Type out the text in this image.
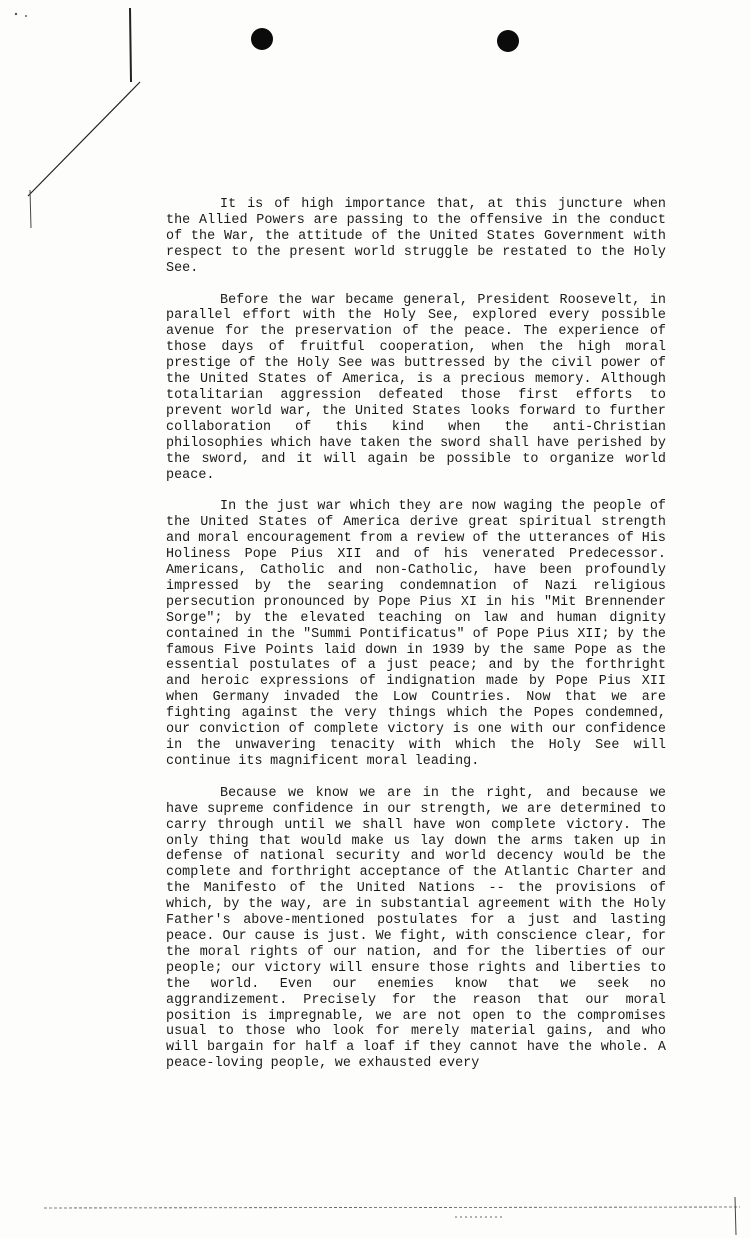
It is of high importance that, at this juncture when the Allied Powers are passing to the offensive in the conduct of the War, the attitude of the United States Government with respect to the present world struggle be restated to the Holy See.

Before the war became general, President Roosevelt, in parallel effort with the Holy See, explored every possible avenue for the preservation of the peace. The experience of those days of fruitful cooperation, when the high moral prestige of the Holy See was buttressed by the civil power of the United States of America, is a precious memory. Although totalitarian aggression defeated those first efforts to prevent world war, the United States looks forward to further collaboration of this kind when the anti-Christian philosophies which have taken the sword shall have perished by the sword, and it will again be possible to organize world peace.

In the just war which they are now waging the people of the United States of America derive great spiritual strength and moral encouragement from a review of the utterances of His Holiness Pope Pius XII and of his venerated Predecessor. Americans, Catholic and non-Catholic, have been profoundly impressed by the searing condemnation of Nazi religious persecution pronounced by Pope Pius XI in his "Mit Brennender Sorge"; by the elevated teaching on law and human dignity contained in the "Summi Pontificatus" of Pope Pius XII; by the famous Five Points laid down in 1939 by the same Pope as the essential postulates of a just peace; and by the forthright and heroic expressions of indignation made by Pope Pius XII when Germany invaded the Low Countries. Now that we are fighting against the very things which the Popes condemned, our conviction of complete victory is one with our confidence in the unwavering tenacity with which the Holy See will continue its magnificent moral leading.

Because we know we are in the right, and because we have supreme confidence in our strength, we are determined to carry through until we shall have won complete victory. The only thing that would make us lay down the arms taken up in defense of national security and world decency would be the complete and forthright acceptance of the Atlantic Charter and the Manifesto of the United Nations -- the provisions of which, by the way, are in substantial agreement with the Holy Father's above-mentioned postulates for a just and lasting peace. Our cause is just. We fight, with conscience clear, for the moral rights of our nation, and for the liberties of our people; our victory will ensure those rights and liberties to the world. Even our enemies know that we seek no aggrandizement. Precisely for the reason that our moral position is impregnable, we are not open to the compromises usual to those who look for merely material gains, and who will bargain for half a loaf if they cannot have the whole. A peace-loving people, we exhausted every
